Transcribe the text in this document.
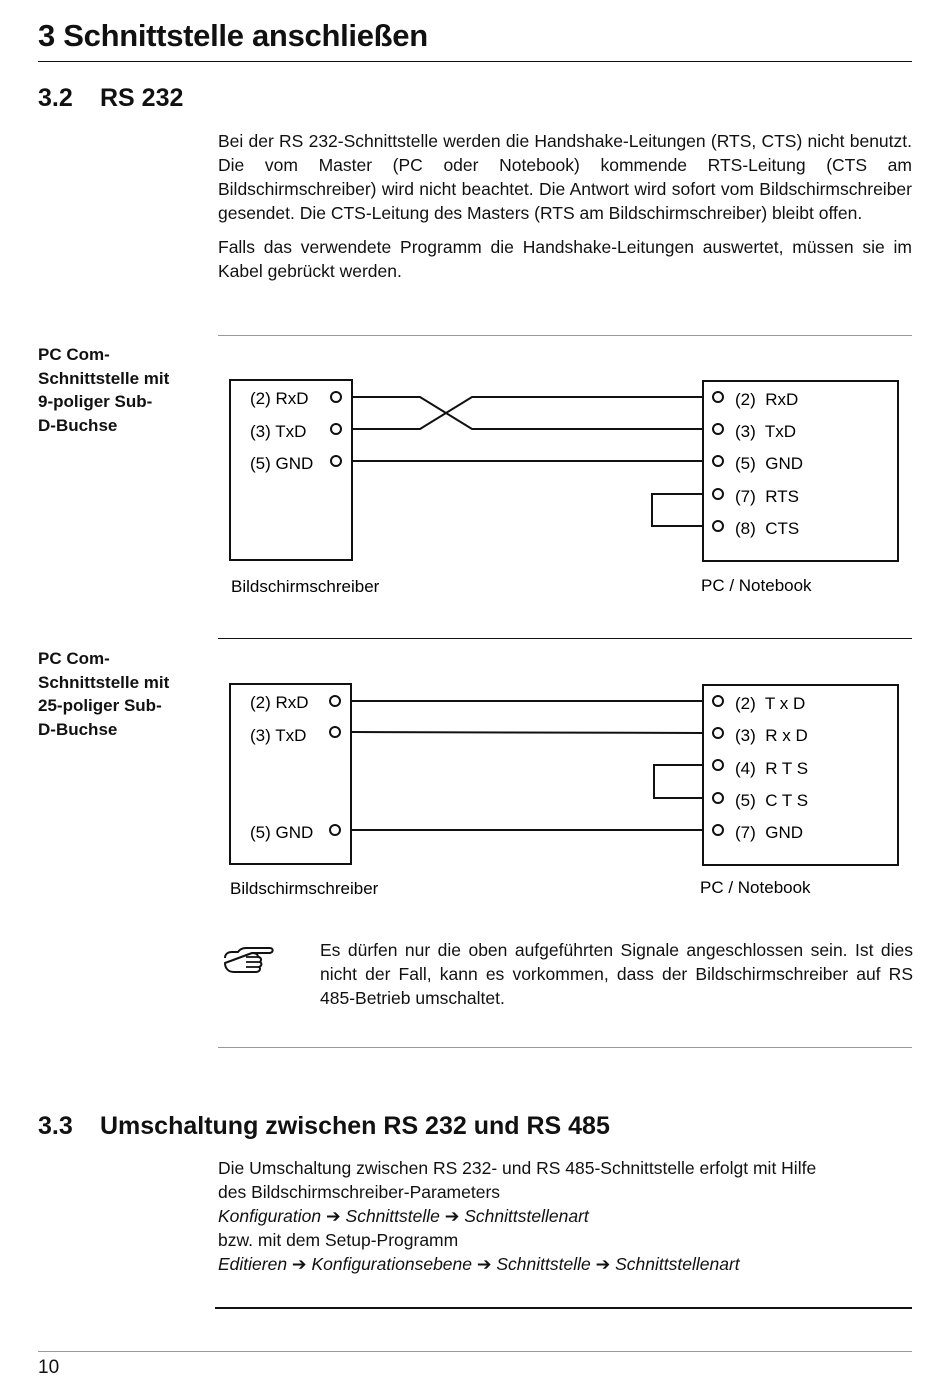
3 Schnittstelle anschließen
3.2 RS 232

Bei der RS 232-Schnittstelle werden die Handshake-Leitungen (RTS, CTS) nicht benutzt. Die vom Master (PC oder Notebook) kommende RTS-Leitung (CTS am Bildschirmschreiber) wird nicht beachtet. Die Antwort wird sofort vom Bildschirmschreiber gesendet. Die CTS-Leitung des Masters (RTS am Bildschirmschreiber) bleibt offen.

Falls das verwendete Programm die Handshake-Leitungen auswertet, müssen sie im Kabel gebrückt werden.

PC Com-
Schnittstelle mit
9-poliger Sub-
D-Buchse
(2) RxD
(3) TxD
(5) GND
(2)  RxD
(3)  TxD
(5)  GND
(7)  RTS
(8)  CTS
Bildschirmschreiber	PC / Notebook
PC Com-
Schnittstelle mit
25-poliger Sub-
D-Buchse
(2) RxD
(3) TxD
(5) GND
(2)  T x D
(3)  R x D
(4)  R T S
(5)  C T S
(7)  GND
Bildschirmschreiber	PC / Notebook
Es dürfen nur die oben aufgeführten Signale angeschlossen sein. Ist dies nicht der Fall, kann es vorkommen, dass der Bildschirmschreiber auf RS 485-Betrieb umschaltet.
3.3 Umschaltung zwischen RS 232 und RS 485
Die Umschaltung zwischen RS 232- und RS 485-Schnittstelle erfolgt mit Hilfe
des Bildschirmschreiber-Parameters
Konfiguration ➔ Schnittstelle ➔ Schnittstellenart
bzw. mit dem Setup-Programm
Editieren ➔ Konfigurationsebene ➔ Schnittstelle ➔ Schnittstellenart
10
